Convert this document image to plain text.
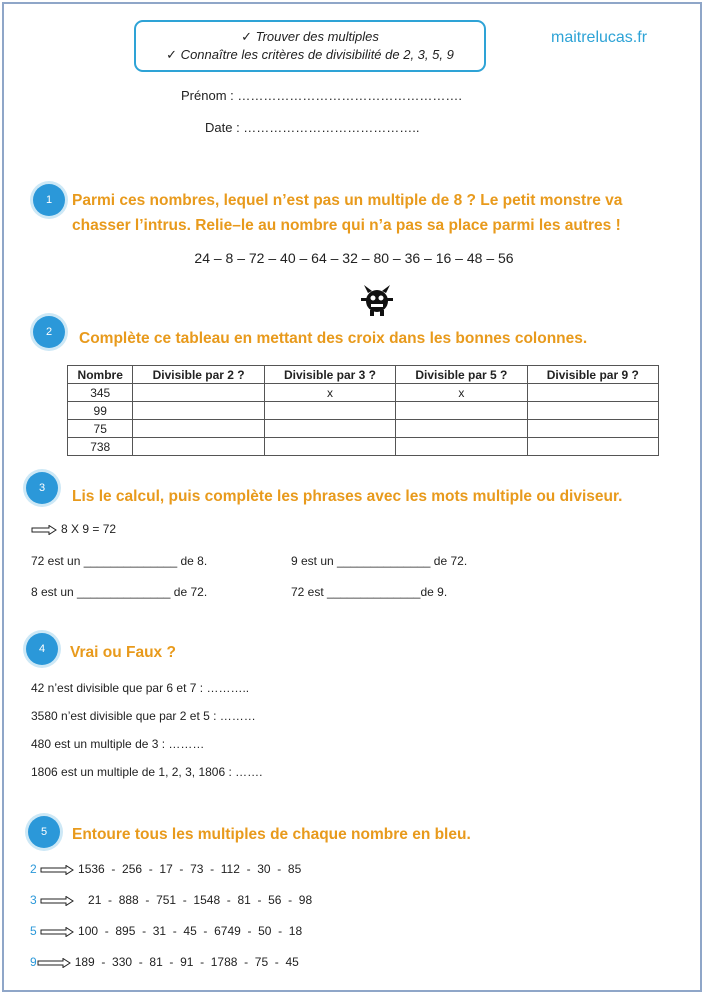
✓ Trouver des multiples
✓ Connaître les critères de divisibilité de 2, 3, 5, 9
maitrelucas.fr
Prénom : …………………………………………….
Date : …………………………………..
1	Parmi ces nombres, lequel n’est pas un multiple de 8 ? Le petit monstre va
chasser l’intrus. Relie–le au nombre qui n’a pas sa place parmi les autres !
24 – 8 – 72 – 40 – 64 – 32 – 80 – 36 – 16 – 48 – 56
2	Complète ce tableau en mettant des croix dans les bonnes colonnes.
Nombre	Divisible par 2 ?	Divisible par 3 ?	Divisible par 5 ?	Divisible par 9 ?
345		x	x	
99				
75				
738				
3	Lis le calcul, puis complète les phrases avec les mots multiple ou diviseur.
8 X 9 = 72
72 est un ______________ de 8.	9 est un ______________ de 72.
8 est un ______________ de 72.	72 est ______________de 9.
4	Vrai ou Faux ?
42 n’est divisible que par 6 et 7 : ………..
3580 n’est divisible que par 2 et 5 : ………
480 est un multiple de 3 : ………
1806 est un multiple de 1, 2, 3, 1806 : …….
5	Entoure tous les multiples de chaque nombre en bleu.
2	1536  -  256  -  17  -  73  -  112  -  30  -  85
3	21  -  888  -  751  -  1548  -  81  -  56  -  98
5	100  -  895  -  31  -  45  -  6749  -  50  -  18
9	189  -  330  -  81  -  91  -  1788  -  75  -  45
